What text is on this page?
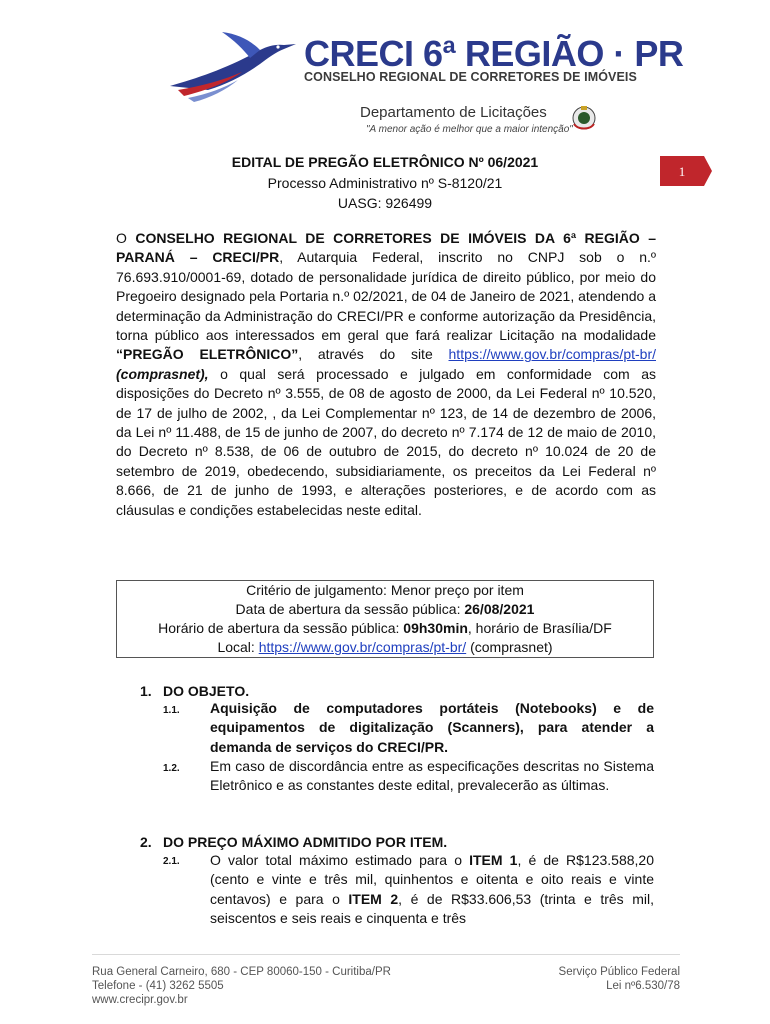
CRECI 6ª REGIÃO · PR
CONSELHO REGIONAL DE CORRETORES DE IMÓVEIS
Departamento de Licitações
"A menor ação é melhor que a maior intenção"
1
EDITAL DE PREGÃO ELETRÔNICO Nº 06/2021
Processo Administrativo nº S-8120/21
UASG: 926499
O CONSELHO REGIONAL DE CORRETORES DE IMÓVEIS DA 6ª REGIÃO – PARANÁ – CRECI/PR, Autarquia Federal, inscrito no CNPJ sob o n.º 76.693.910/0001-69, dotado de personalidade jurídica de direito público, por meio do Pregoeiro designado pela Portaria n.º 02/2021, de 04 de Janeiro de 2021, atendendo a determinação da Administração do CRECI/PR e conforme autorização da Presidência, torna público aos interessados em geral que fará realizar Licitação na modalidade “PREGÃO ELETRÔNICO”, através do site https://www.gov.br/compras/pt-br/ (comprasnet), o qual será processado e julgado em conformidade com as disposições do Decreto nº 3.555, de 08 de agosto de 2000, da Lei Federal nº 10.520, de 17 de julho de 2002, , da Lei Complementar nº 123, de 14 de dezembro de 2006, da Lei nº 11.488, de 15 de junho de 2007, do decreto nº 7.174 de 12 de maio de 2010, do Decreto nº 8.538, de 06 de outubro de 2015, do decreto nº 10.024 de 20 de setembro de 2019, obedecendo, subsidiariamente, os preceitos da Lei Federal nº 8.666, de 21 de junho de 1993, e alterações posteriores, e de acordo com as cláusulas e condições estabelecidas neste edital.
Critério de julgamento: Menor preço por item
Data de abertura da sessão pública: 26/08/2021
Horário de abertura da sessão pública: 09h30min, horário de Brasília/DF
Local: https://www.gov.br/compras/pt-br/ (comprasnet)
1. DO OBJETO.
1.1. Aquisição de computadores portáteis (Notebooks) e de equipamentos de digitalização (Scanners), para atender a demanda de serviços do CRECI/PR.
1.2. Em caso de discordância entre as especificações descritas no Sistema Eletrônico e as constantes deste edital, prevalecerão as últimas.
2. DO PREÇO MÁXIMO ADMITIDO POR ITEM.
2.1. O valor total máximo estimado para o ITEM 1, é de R$123.588,20 (cento e vinte e três mil, quinhentos e oitenta e oito reais e vinte centavos) e para o ITEM 2, é de R$33.606,53 (trinta e três mil, seiscentos e seis reais e cinquenta e três
Rua General Carneiro, 680 - CEP 80060-150 - Curitiba/PR
Telefone - (41) 3262 5505
www.crecipr.gov.br
Serviço Público Federal
Lei nº6.530/78
